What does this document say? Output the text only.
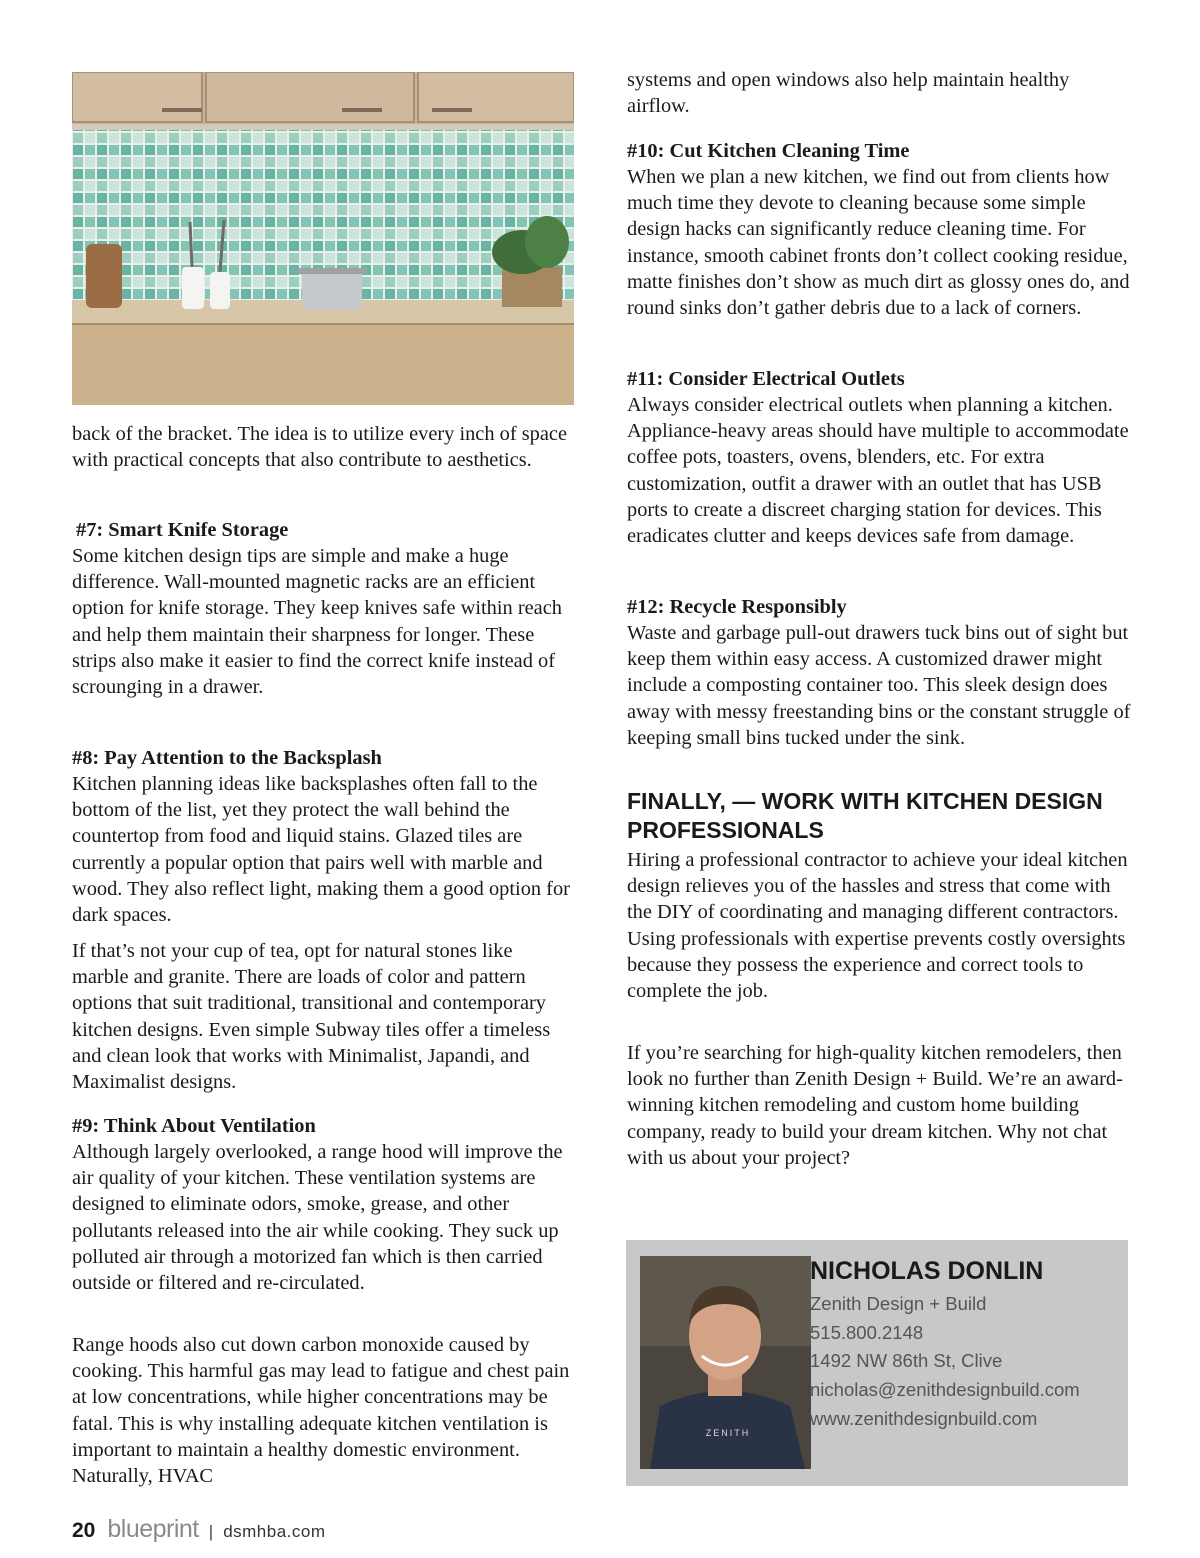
back of the bracket. The idea is to utilize every inch of space with practical concepts that also contribute to aesthetics.

#7: Smart Knife Storage

Some kitchen design tips are simple and make a huge difference. Wall-mounted magnetic racks are an efficient option for knife storage. They keep knives safe within reach and help them maintain their sharpness for longer. These strips also make it easier to find the correct knife instead of scrounging in a drawer.

#8: Pay Attention to the Backsplash

Kitchen planning ideas like backsplashes often fall to the bottom of the list, yet they protect the wall behind the countertop from food and liquid stains. Glazed tiles are currently a popular option that pairs well with marble and wood. They also reflect light, making them a good option for dark spaces.

If that’s not your cup of tea, opt for natural stones like marble and granite. There are loads of color and pattern options that suit traditional, transitional and contemporary kitchen designs. Even simple Subway tiles offer a timeless and clean look that works with Minimalist, Japandi, and Maximalist designs.

#9: Think About Ventilation

Although largely overlooked, a range hood will improve the air quality of your kitchen. These ventilation systems are designed to eliminate odors, smoke, grease, and other pollutants released into the air while cooking. They suck up polluted air through a motorized fan which is then carried outside or filtered and re-circulated.

Range hoods also cut down carbon monoxide caused by cooking. This harmful gas may lead to fatigue and chest pain at low concentrations, while higher concentrations may be fatal. This is why installing adequate kitchen ventilation is important to maintain a healthy domestic environment. Naturally, HVAC

systems and open windows also help maintain healthy airflow.

#10: Cut Kitchen Cleaning Time

When we plan a new kitchen, we find out from clients how much time they devote to cleaning because some simple design hacks can significantly reduce cleaning time. For instance, smooth cabinet fronts don’t collect cooking residue, matte finishes don’t show as much dirt as glossy ones do, and round sinks don’t gather debris due to a lack of corners.

#11: Consider Electrical Outlets

Always consider electrical outlets when planning a kitchen. Appliance-heavy areas should have multiple to accommodate coffee pots, toasters, ovens, blenders, etc. For extra customization, outfit a drawer with an outlet that has USB ports to create a discreet charging station for devices. This eradicates clutter and keeps devices safe from damage.

#12: Recycle Responsibly

Waste and garbage pull-out drawers tuck bins out of sight but keep them within easy access. A customized drawer might include a composting container too. This sleek design does away with messy freestanding bins or the constant struggle of keeping small bins tucked under the sink.

FINALLY, — WORK WITH KITCHEN DESIGN PROFESSIONALS

Hiring a professional contractor to achieve your ideal kitchen design relieves you of the hassles and stress that come with the DIY of coordinating and managing different contractors. Using professionals with expertise prevents costly oversights because they possess the experience and correct tools to complete the job.

If you’re searching for high-quality kitchen remodelers, then look no further than Zenith Design + Build. We’re an award-winning kitchen remodeling and custom home building company, ready to build your dream kitchen. Why not chat with us about your project?

ZENITH
NICHOLAS DONLIN
Zenith Design + Build
515.800.2148
1492 NW 86th St, Clive
nicholas@zenithdesignbuild.com
www.zenithdesignbuild.com
20 blueprint | dsmhba.com
